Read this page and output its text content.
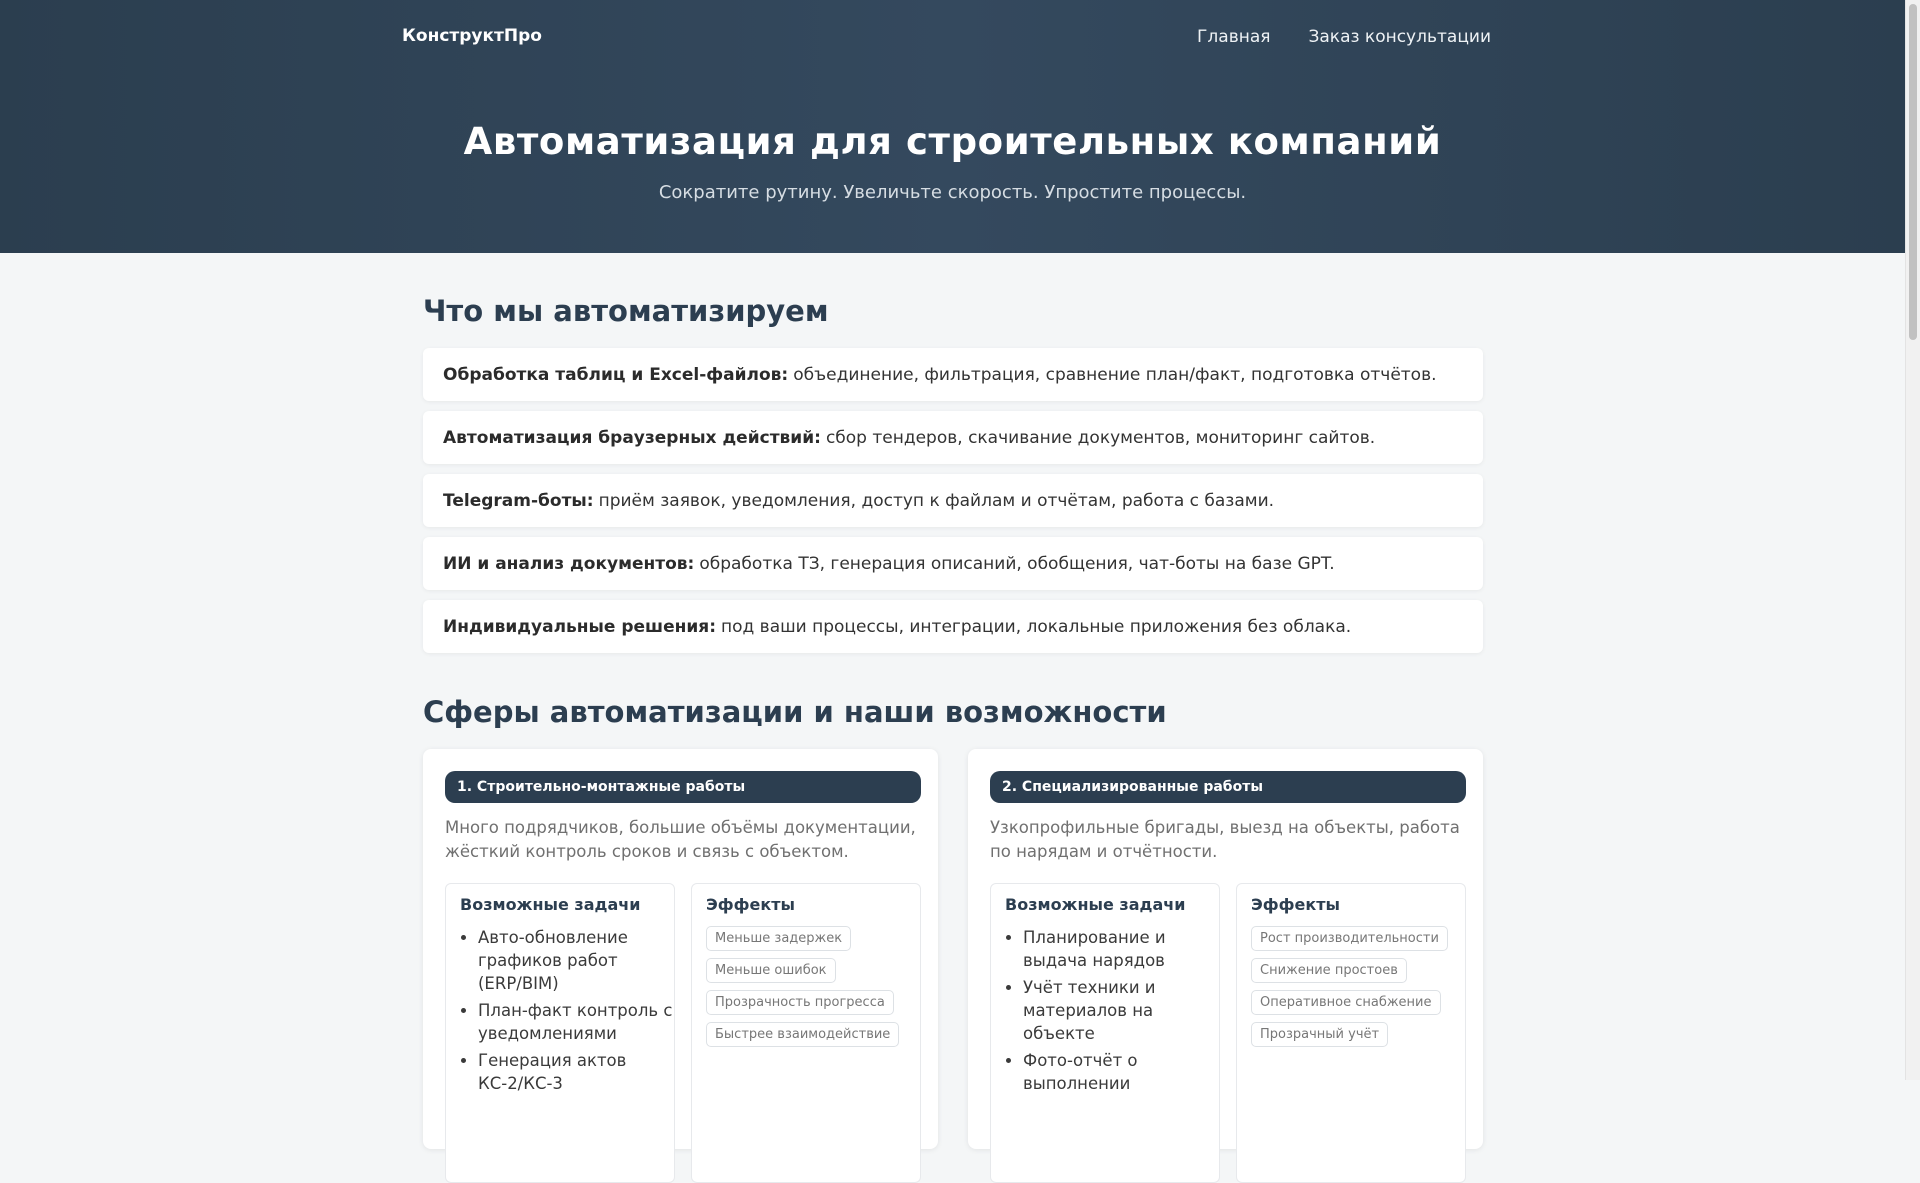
КонструктПро	Главная Заказ консультации
Автоматизация для строительных компаний
Сократите рутину. Увеличьте скорость. Упростите процессы.
Что мы автоматизируем
Обработка таблиц и Excel-файлов: объединение, фильтрация, сравнение план/факт, подготовка отчётов.
Автоматизация браузерных действий: сбор тендеров, скачивание документов, мониторинг сайтов.
Telegram-боты: приём заявок, уведомления, доступ к файлам и отчётам, работа с базами.
ИИ и анализ документов: обработка ТЗ, генерация описаний, обобщения, чат-боты на базе GPT.
Индивидуальные решения: под ваши процессы, интеграции, локальные приложения без облака.
Сферы автоматизации и наши возможности
1. Строительно-монтажные работы
Много подрядчиков, большие объёмы документации, жёсткий контроль сроков и связь с объектом.
Возможные задачи
• Авто-обновление графиков работ (ERP/BIM)
• План-факт контроль с уведомлениями
• Генерация актов КС-2/КС-3
Эффекты
Меньше задержек
Меньше ошибок
Прозрачность прогресса
Быстрее взаимодействие
2. Специализированные работы
Узкопрофильные бригады, выезд на объекты, работа по нарядам и отчётности.
Возможные задачи
• Планирование и выдача нарядов
• Учёт техники и материалов на объекте
• Фото-отчёт о выполнении
Эффекты
Рост производительности
Снижение простоев
Оперативное снабжение
Прозрачный учёт
